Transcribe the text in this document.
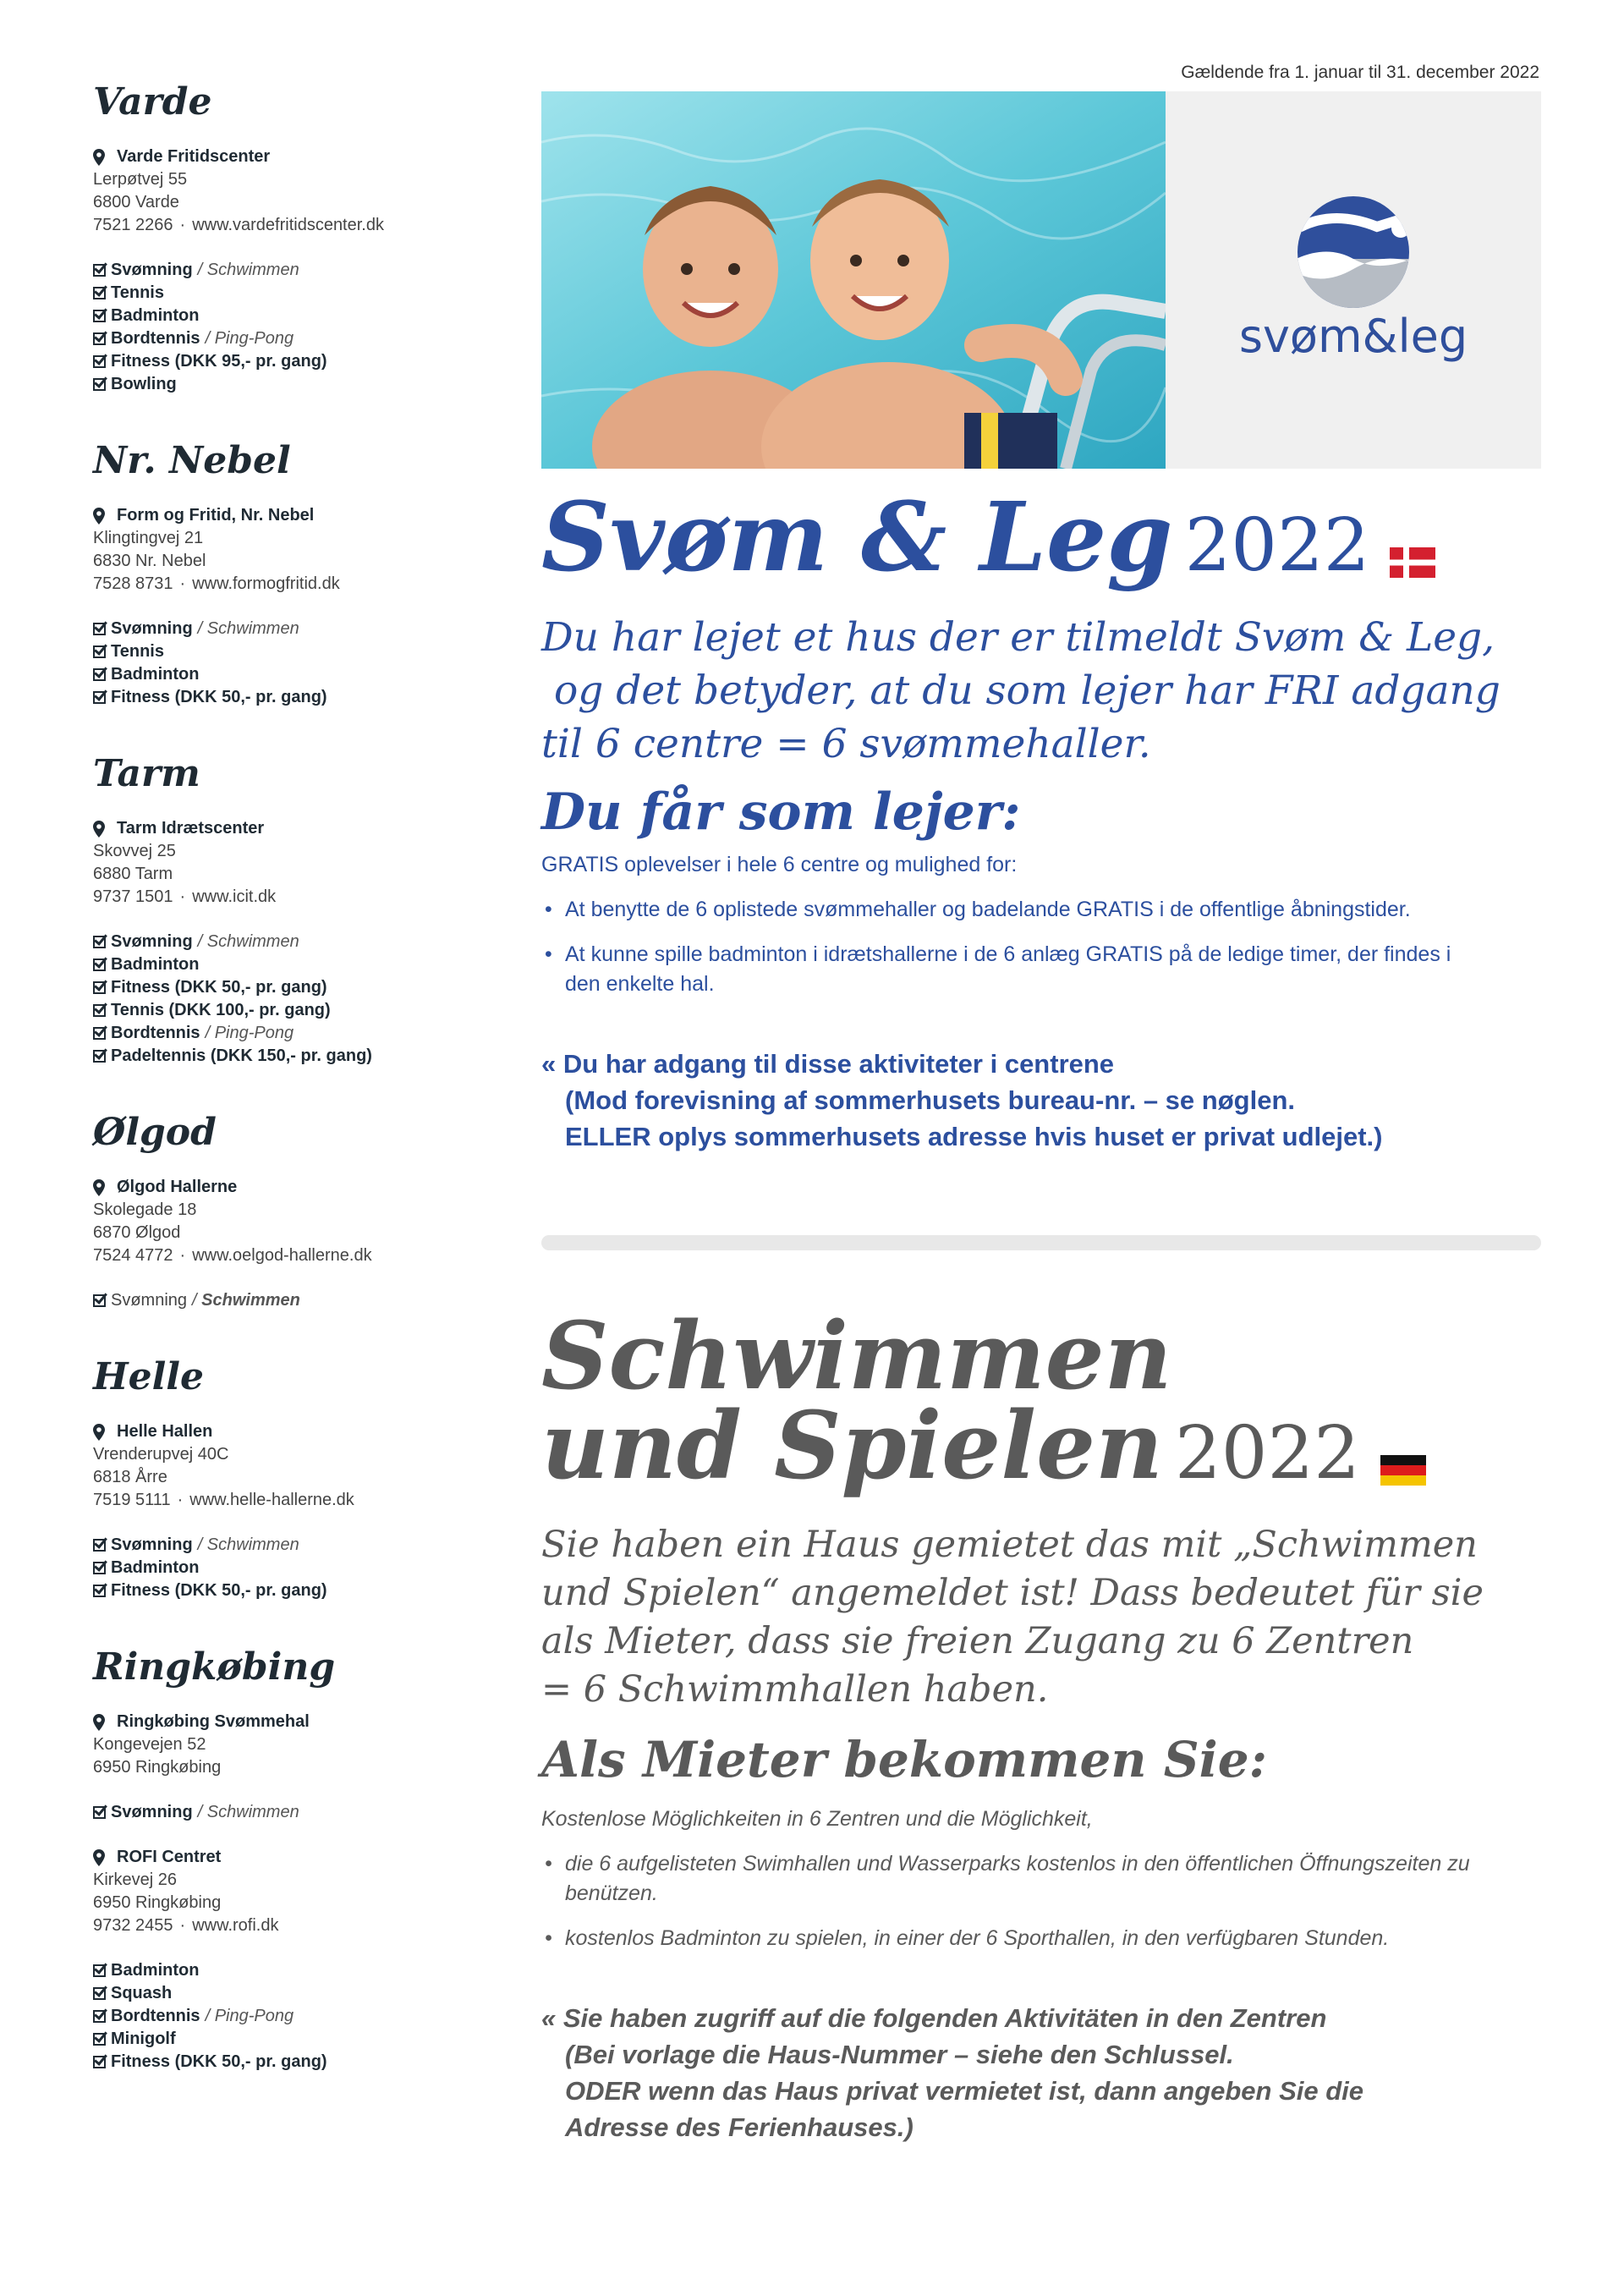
Varde
Varde Fritidscenter
Lerpøtvej 55
6800 Varde
7521 2266 · www.vardefritidscenter.dk
Svømning / Schwimmen
Tennis
Badminton
Bordtennis / Ping-Pong
Fitness (DKK 95,- pr. gang)
Bowling
Nr. Nebel
Form og Fritid, Nr. Nebel
Klingtingvej 21
6830 Nr. Nebel
7528 8731 · www.formogfritid.dk
Svømning / Schwimmen
Tennis
Badminton
Fitness (DKK 50,- pr. gang)
Tarm
Tarm Idrætscenter
Skovvej 25
6880 Tarm
9737 1501 · www.icit.dk
Svømning / Schwimmen
Badminton
Fitness (DKK 50,- pr. gang)
Tennis (DKK 100,- pr. gang)
Bordtennis / Ping-Pong
Padeltennis (DKK 150,- pr. gang)
Ølgod
Ølgod Hallerne
Skolegade 18
6870 Ølgod
7524 4772 · www.oelgod-hallerne.dk
Svømning / Schwimmen
Helle
Helle Hallen
Vrenderupvej 40C
6818 Årre
7519 5111 · www.helle-hallerne.dk
Svømning / Schwimmen
Badminton
Fitness (DKK 50,- pr. gang)
Ringkøbing
Ringkøbing Svømmehal
Kongevejen 52
6950 Ringkøbing
Svømning / Schwimmen
ROFI Centret
Kirkevej 26
6950 Ringkøbing
9732 2455 · www.rofi.dk
Badminton
Squash
Bordtennis / Ping-Pong
Minigolf
Fitness (DKK 50,- pr. gang)
Gældende fra 1. januar til 31. december 2022
svøm&leg
Svøm & Leg 2022
Du har lejet et hus der er tilmeldt Svøm & Leg,
og det betyder, at du som lejer har FRI adgang
til 6 centre = 6 svømmehaller.
Du får som lejer:
GRATIS oplevelser i hele 6 centre og mulighed for:
• At benytte de 6 oplistede svømmehaller og badelande GRATIS i de offentlige åbningstider.
• At kunne spille badminton i idrætshallerne i de 6 anlæg GRATIS på de ledige timer, der findes i den enkelte hal.
« Du har adgang til disse aktiviteter i centrene
(Mod forevisning af sommerhusets bureau-nr. – se nøglen.
ELLER oplys sommerhusets adresse hvis huset er privat udlejet.)
Schwimmen
und Spielen 2022
Sie haben ein Haus gemietet das mit „Schwimmen
und Spielen“ angemeldet ist! Dass bedeutet für sie
als Mieter, dass sie freien Zugang zu 6 Zentren
= 6 Schwimmhallen haben.
Als Mieter bekommen Sie:
Kostenlose Möglichkeiten in 6 Zentren und die Möglichkeit,
• die 6 aufgelisteten Swimhallen und Wasserparks kostenlos in den öffentlichen Öffnungszeiten zu benützen.
• kostenlos Badminton zu spielen, in einer der 6 Sporthallen, in den verfügbaren Stunden.
« Sie haben zugriff auf die folgenden Aktivitäten in den Zentren
(Bei vorlage die Haus-Nummer – siehe den Schlussel.
ODER wenn das Haus privat vermietet ist, dann angeben Sie die
Adresse des Ferienhauses.)
